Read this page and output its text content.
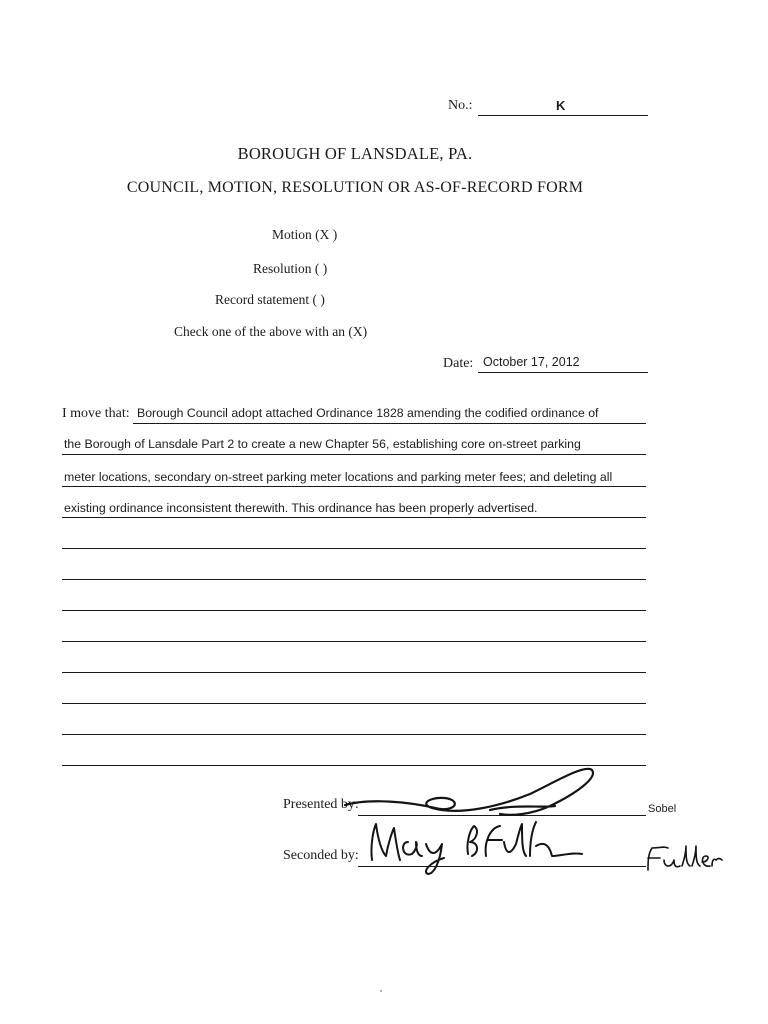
No.:	K
BOROUGH OF LANSDALE, PA.
COUNCIL, MOTION, RESOLUTION OR AS-OF-RECORD FORM
Motion (X )
Resolution ( )
Record statement ( )
Check one of the above with an (X)
Date: October 17, 2012
I move that: Borough Council adopt attached Ordinance 1828 amending the codified ordinance of
the Borough of Lansdale Part 2 to create a new Chapter 56, establishing core on-street parking
meter locations, secondary on-street parking meter locations and parking meter fees; and deleting all
existing ordinance inconsistent therewith. This ordinance has been properly advertised.
Presented by:	Sobel
Seconded by:
